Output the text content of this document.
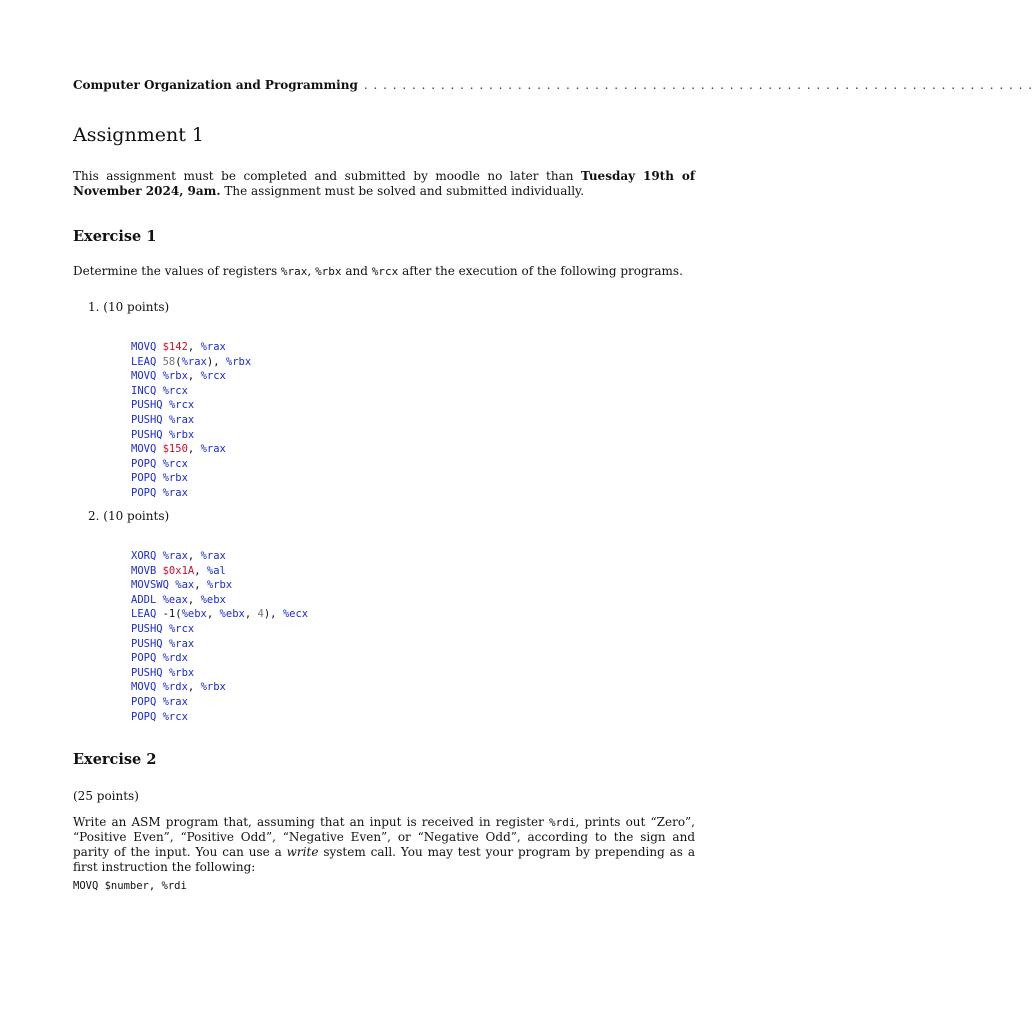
Computer Organization and Programming . . . . . . . . . . . . . . . . . . . . . . . . . . . . . . . . . . . . . . . . . . . . . . . . . . . . . . . . . . . . . . . . . . . . . .
Assignment 1

This assignment must be completed and submitted by moodle no later than Tuesday 19th of November 2024, 9am. The assignment must be solved and submitted individually.

Exercise 1

Determine the values of registers %rax, %rbx and %rcx after the execution of the following programs.

1. (10 points)
MOVQ $142, %rax
LEAQ 58(%rax), %rbx
MOVQ %rbx, %rcx
INCQ %rcx
PUSHQ %rcx
PUSHQ %rax
PUSHQ %rbx
MOVQ $150, %rax
POPQ %rcx
POPQ %rbx
POPQ %rax
2. (10 points)
XORQ %rax, %rax
MOVB $0x1A, %al
MOVSWQ %ax, %rbx
ADDL %eax, %ebx
LEAQ -1(%ebx, %ebx, 4), %ecx
PUSHQ %rcx
PUSHQ %rax
POPQ %rdx
PUSHQ %rbx
MOVQ %rdx, %rbx
POPQ %rax
POPQ %rcx
Exercise 2

(25 points)

Write an ASM program that, assuming that an input is received in register %rdi, prints out “Zero”, “Positive Even”, “Positive Odd”, “Negative Even”, or “Negative Odd”, according to the sign and parity of the input. You can use a write system call. You may test your program by prepending as a first instruction the following:

MOVQ $number, %rdi
